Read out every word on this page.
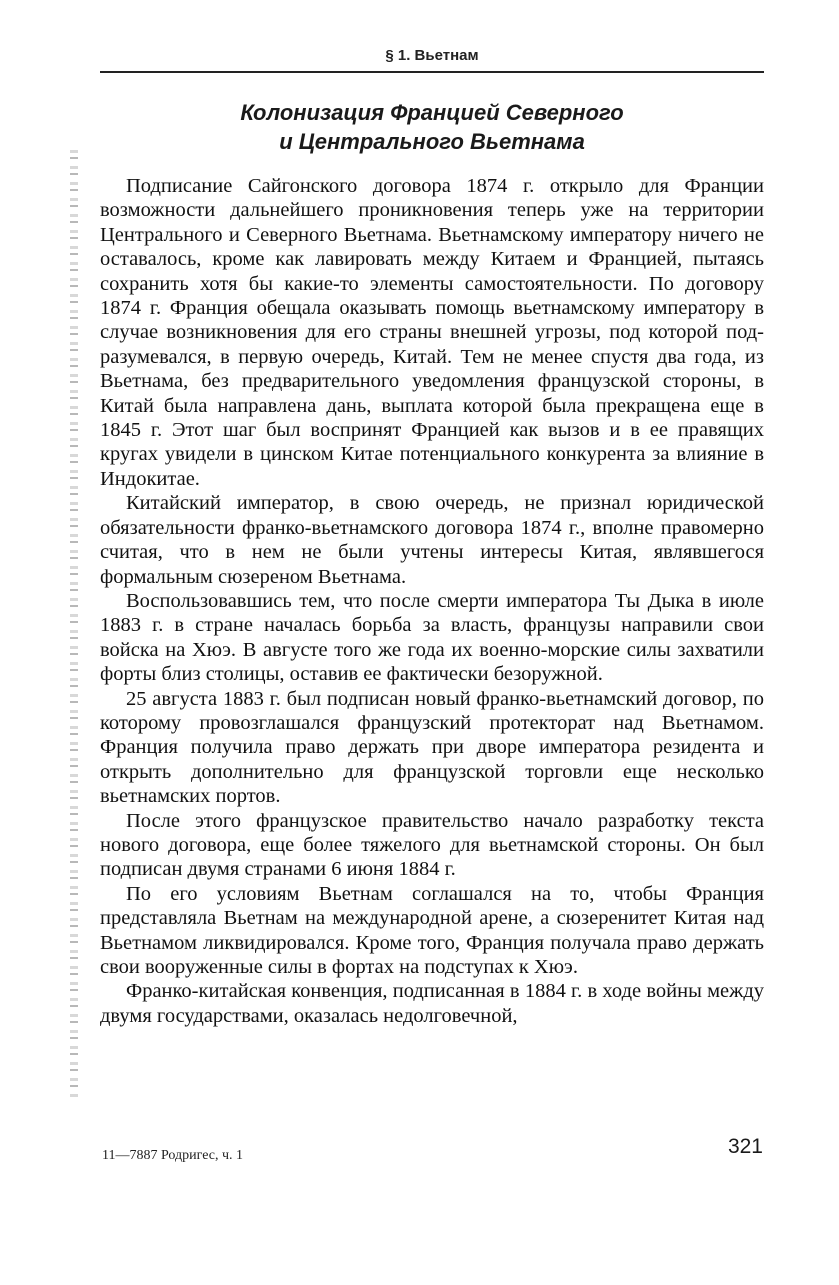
§ 1. Вьетнам
Колонизация Францией Северного
и Центрального Вьетнама

Подписание Сайгонского договора 1874 г. открыло для Франции возможности дальнейшего проникновения теперь уже на территории Центрального и Северного Вьетнама. Вьетнамскому императору ничего не оставалось, кроме как лавировать между Китаем и Францией, пытаясь сохранить хотя бы какие-то элементы самостоятельности. По договору 1874 г. Франция обещала оказывать помощь вьетнамскому императору в случае возникновения для его страны внешней угрозы, под которой подразумевался, в первую очередь, Китай. Тем не менее спустя два года, из Вьетнама, без предварительного уведомления французской стороны, в Китай была направлена дань, выплата которой была прекращена еще в 1845 г. Этот шаг был воспринят Францией как вызов и в ее правящих кругах увидели в цинском Китае потенциального конкурента за влияние в Индокитае.

Китайский император, в свою очередь, не признал юридической обязательности франко-вьетнамского договора 1874 г., вполне правомерно считая, что в нем не были учтены интересы Китая, являвшегося формальным сюзереном Вьетнама.

Воспользовавшись тем, что после смерти императора Ты Дыка в июле 1883 г. в стране началась борьба за власть, французы направили свои войска на Хюэ. В августе того же года их военно-морские силы захватили форты близ столицы, оставив ее фактически безоружной.

25 августа 1883 г. был подписан новый франко-вьетнамский договор, по которому провозглашался французский протекторат над Вьетнамом. Франция получила право держать при дворе императора резидента и открыть дополнительно для французской торговли еще несколько вьетнамских портов.

После этого французское правительство начало разработку текста нового договора, еще более тяжелого для вьетнамской стороны. Он был подписан двумя странами 6 июня 1884 г.

По его условиям Вьетнам соглашался на то, чтобы Франция представляла Вьетнам на международной арене, а сюзеренитет Китая над Вьетнамом ликвидировался. Кроме того, Франция получала право держать свои вооруженные силы в фортах на подступах к Хюэ.

Франко-китайская конвенция, подписанная в 1884 г. в ходе войны между двумя государствами, оказалась недолговечной,

11—7887 Родригес, ч. 1	321
